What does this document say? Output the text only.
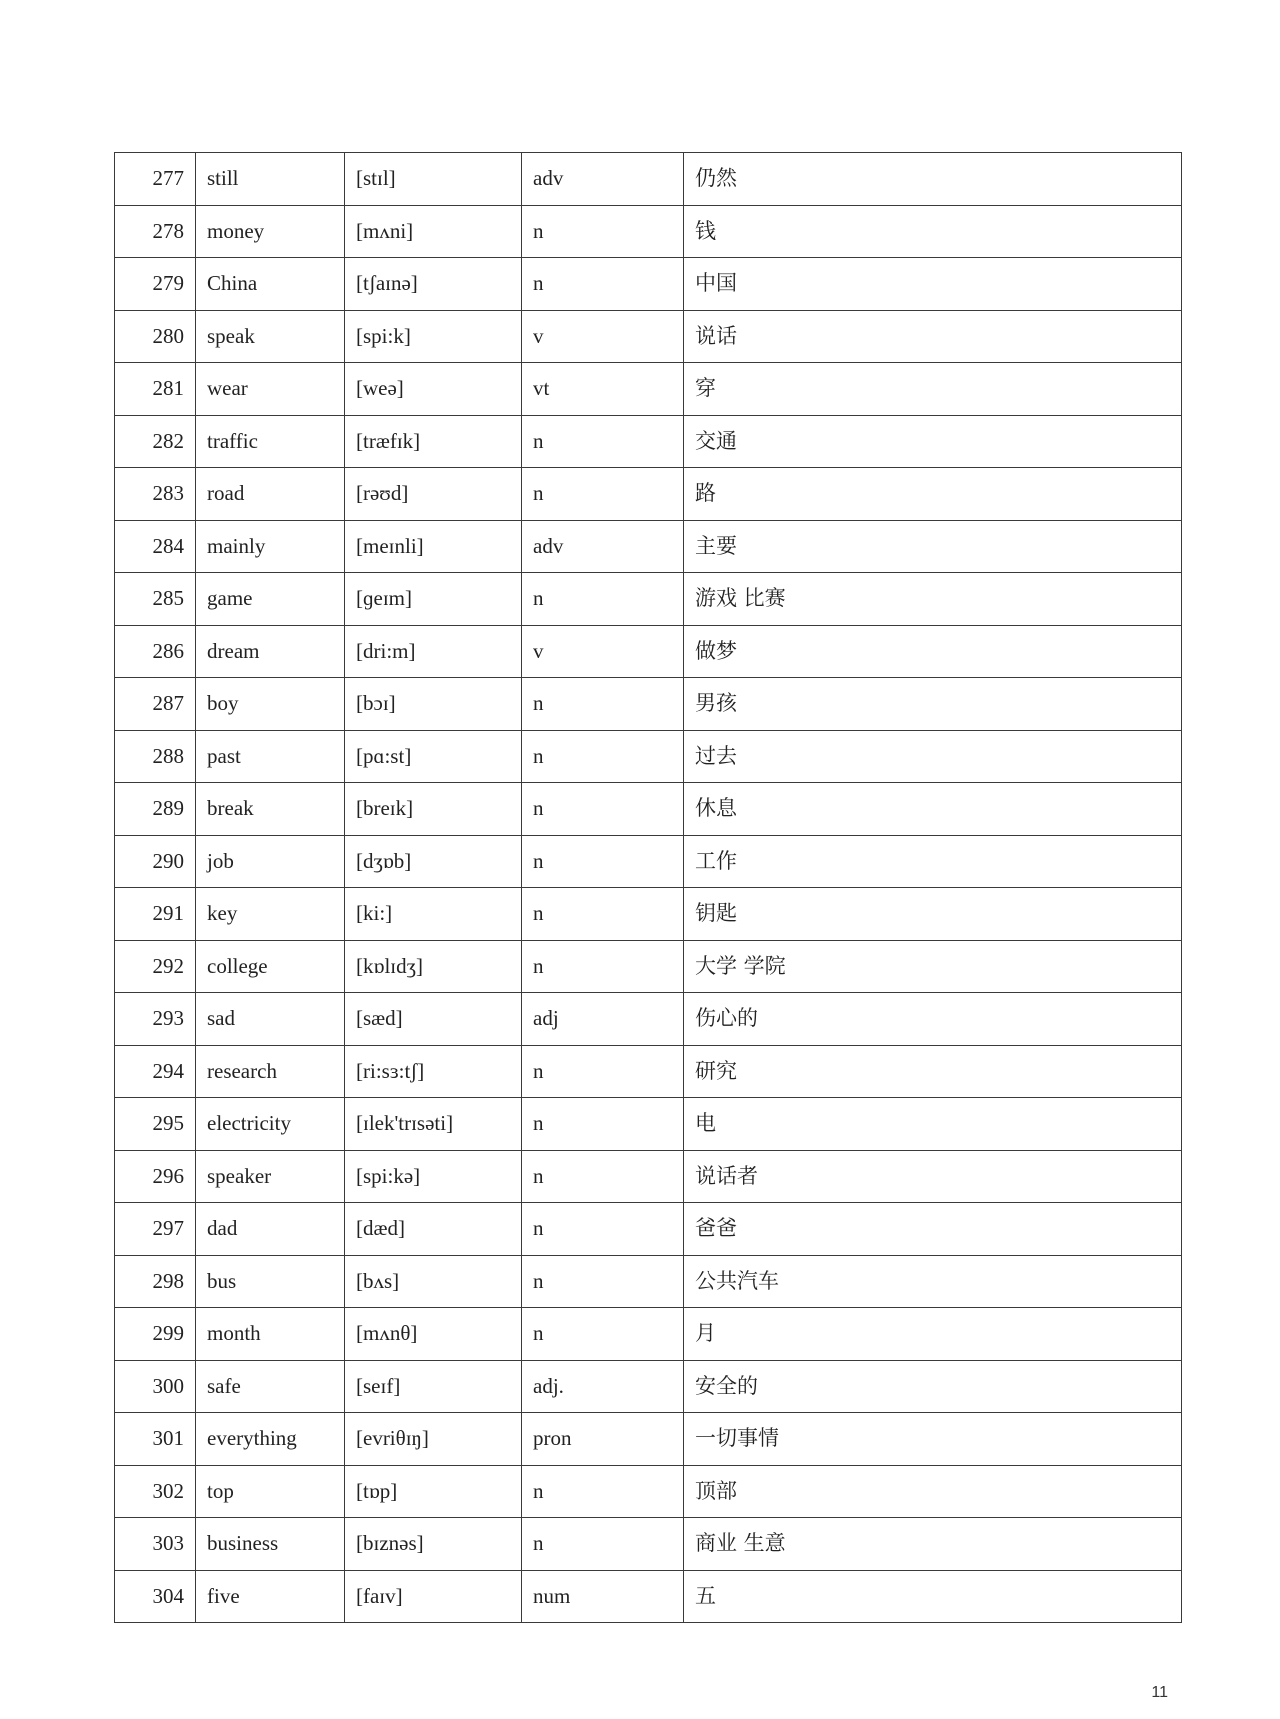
277	still	[stɪl]	adv	仍然
278	money	[mʌni]	n	钱
279	China	[tʃaɪnə]	n	中国
280	speak	[spi:k]	v	说话
281	wear	[weə]	vt	穿
282	traffic	[træfɪk]	n	交通
283	road	[rəʊd]	n	路
284	mainly	[meɪnli]	adv	主要
285	game	[ɡeɪm]	n	游戏 比赛
286	dream	[dri:m]	v	做梦
287	boy	[bɔɪ]	n	男孩
288	past	[pɑ:st]	n	过去
289	break	[breɪk]	n	休息
290	job	[dʒɒb]	n	工作
291	key	[ki:]	n	钥匙
292	college	[kɒlɪdʒ]	n	大学 学院
293	sad	[sæd]	adj	伤心的
294	research	[ri:sɜ:tʃ]	n	研究
295	electricity	[ɪlek'trɪsəti]	n	电
296	speaker	[spi:kə]	n	说话者
297	dad	[dæd]	n	爸爸
298	bus	[bʌs]	n	公共汽车
299	month	[mʌnθ]	n	月
300	safe	[seɪf]	adj.	安全的
301	everything	[evriθɪŋ]	pron	一切事情
302	top	[tɒp]	n	顶部
303	business	[bɪznəs]	n	商业 生意
304	five	[faɪv]	num	五
11
